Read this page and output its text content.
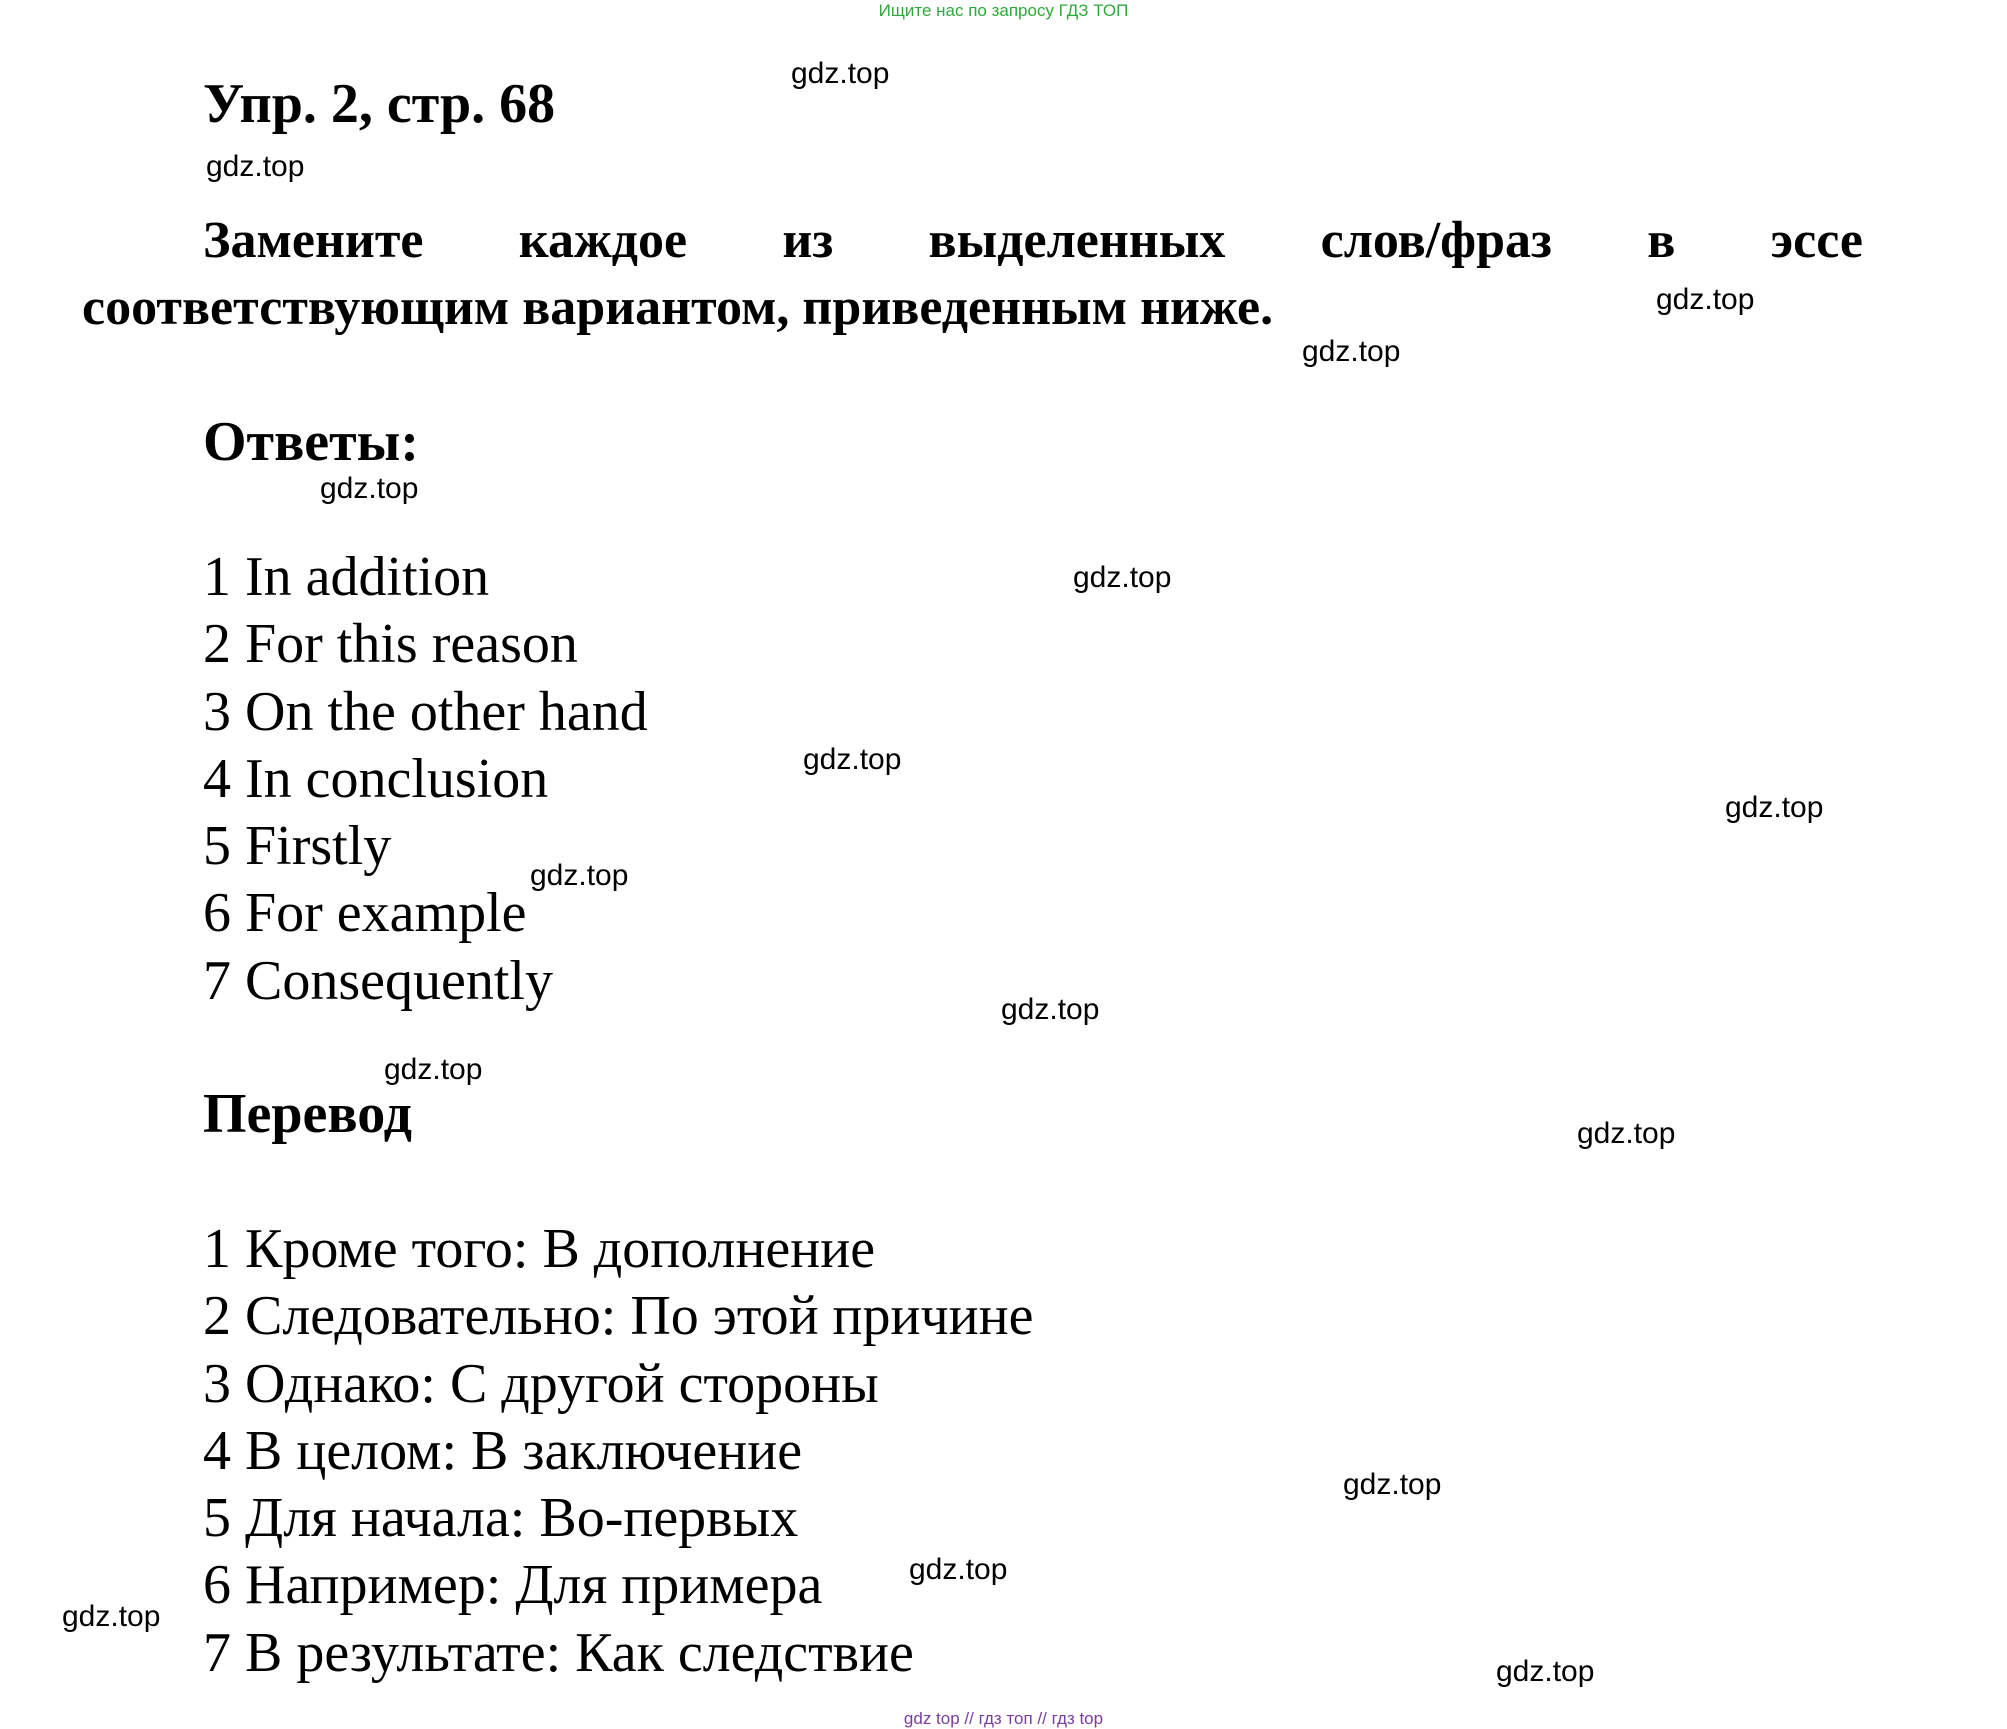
Ищите нас по запросу ГДЗ ТОП
Упр. 2, стр. 68
Замените каждое из выделенных слов/фраз в эссе
соответствующим вариантом, приведенным ниже.
Ответы:
1 In addition
2 For this reason
3 On the other hand
4 In conclusion
5 Firstly
6 For example
7 Consequently
Перевод
1 Кроме того: В дополнение
2 Следовательно: По этой причине
3 Однако: С другой стороны
4 В целом: В заключение
5 Для начала: Во-первых
6 Например: Для примера
7 В результате: Как следствие
gdz.top
gdz.top
gdz.top
gdz.top
gdz.top
gdz.top
gdz.top
gdz.top
gdz.top
gdz.top
gdz.top
gdz.top
gdz.top
gdz.top
gdz.top
gdz.top
gdz top // гдз топ // гдз top
